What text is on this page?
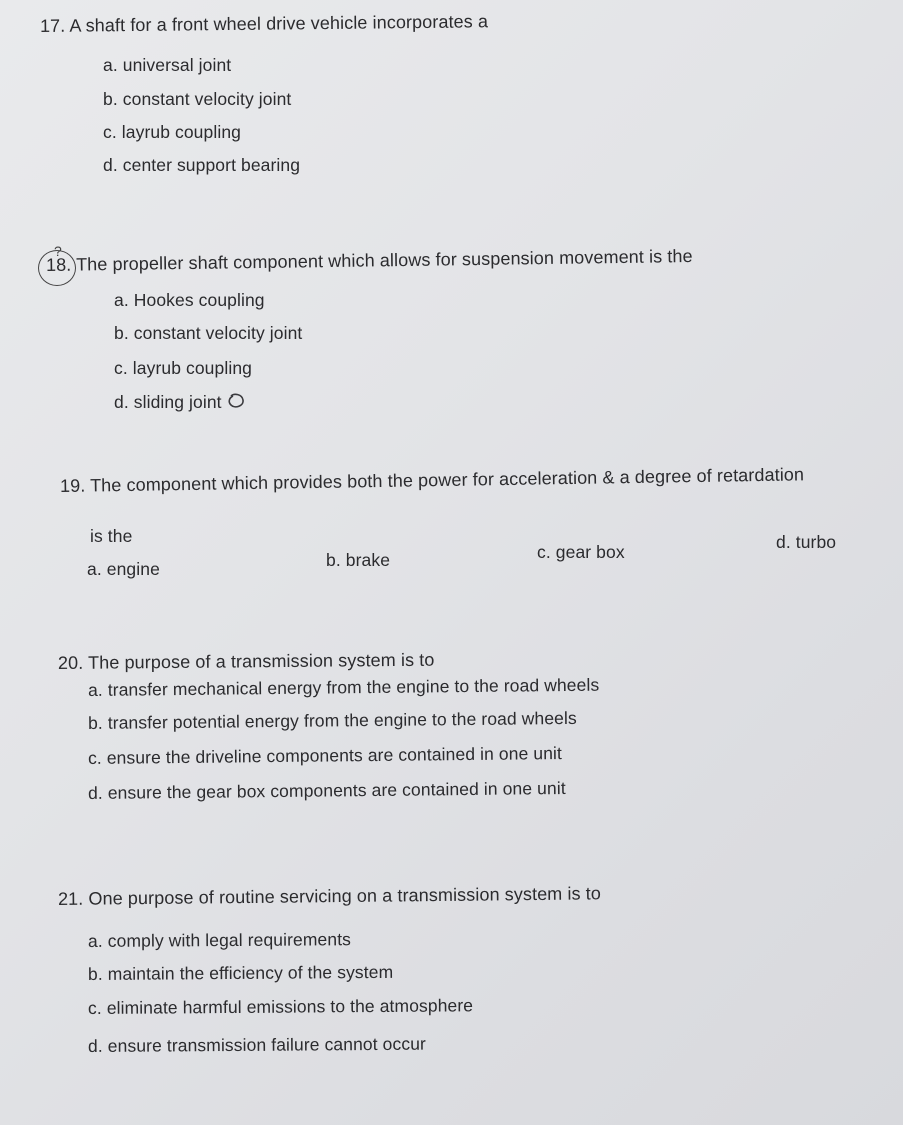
17. A shaft for a front wheel drive vehicle incorporates a
a. universal joint
b. constant velocity joint
c. layrub coupling
d. center support bearing
?
18. The propeller shaft component which allows for suspension movement is the
a. Hookes coupling
b. constant velocity joint
c. layrub coupling
d. sliding joint
19. The component which provides both the power for acceleration & a degree of retardation
is the
a. engine	b. brake	c. gear box	d. turbo
20. The purpose of a transmission system is to
a. transfer mechanical energy from the engine to the road wheels
b. transfer potential energy from the engine to the road wheels
c. ensure the driveline components are contained in one unit
d. ensure the gear box components are contained in one unit
21. One purpose of routine servicing on a transmission system is to
a. comply with legal requirements
b. maintain the efficiency of the system
c. eliminate harmful emissions to the atmosphere
d. ensure transmission failure cannot occur
